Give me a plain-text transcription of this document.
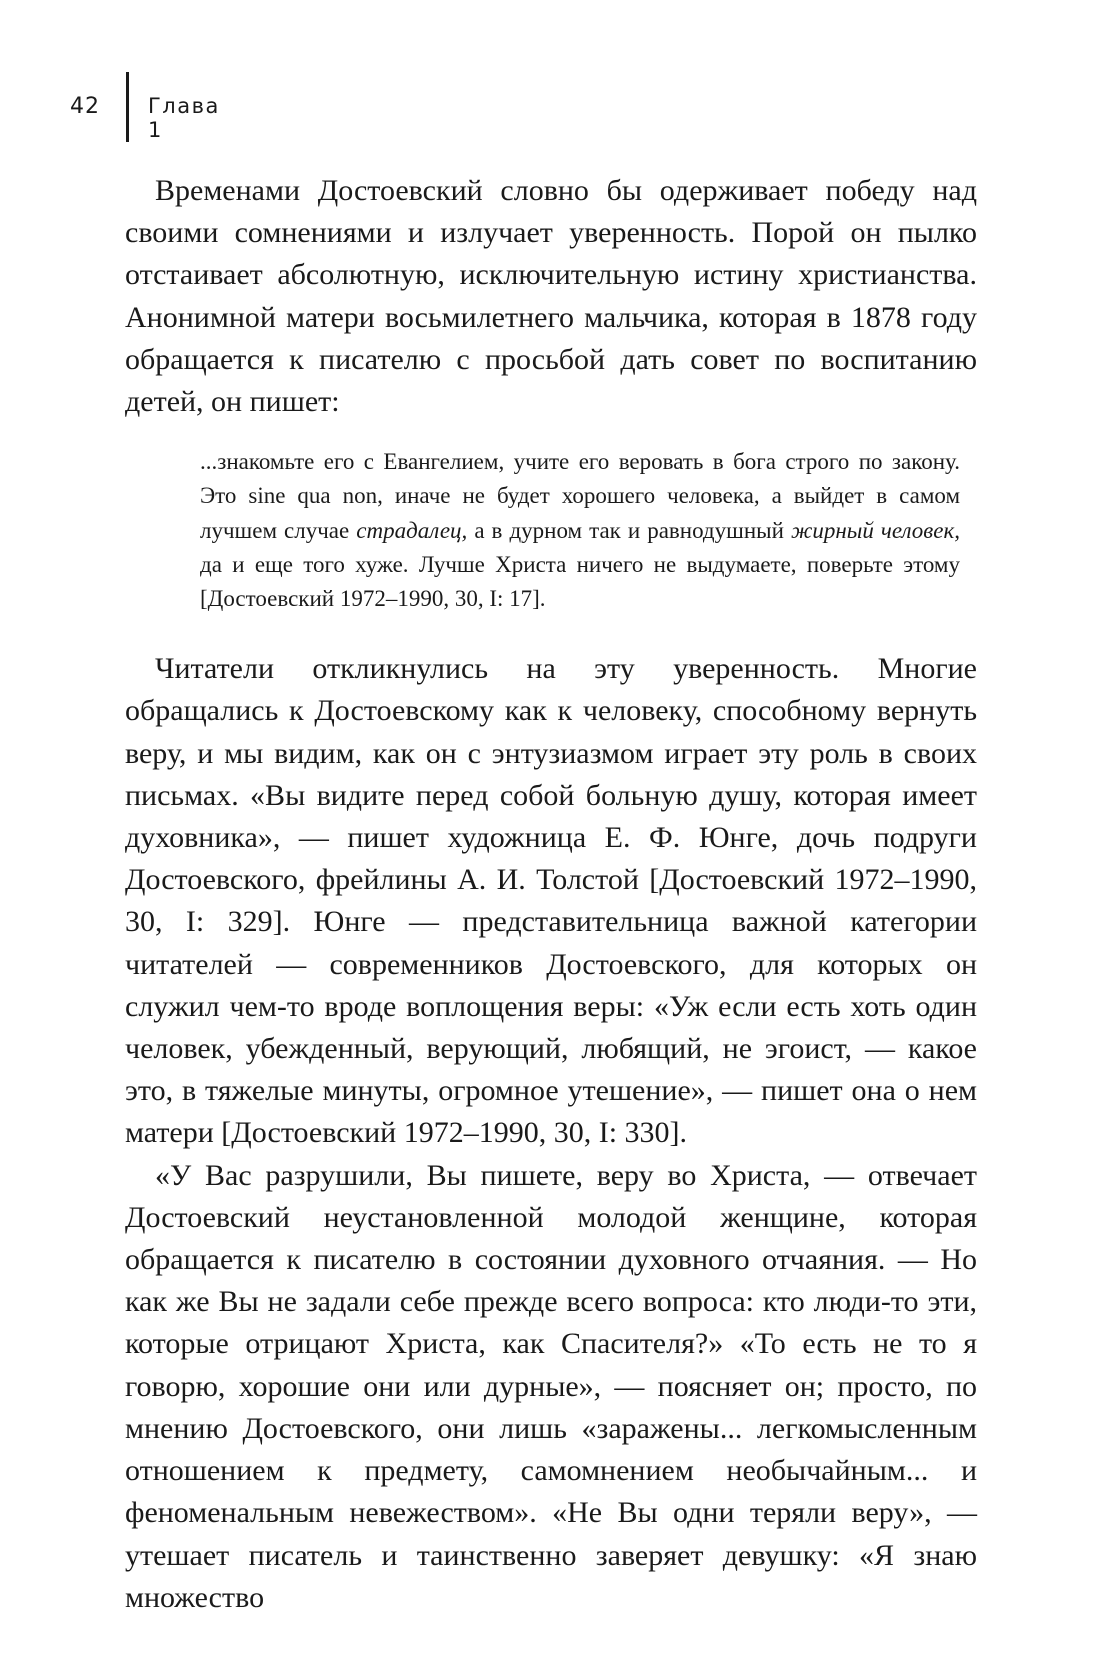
42 Глава 1

Временами Достоевский словно бы одерживает победу над своими сомнениями и излучает уверенность. Порой он пылко отстаивает абсолютную, исключительную истину христианства. Анонимной матери восьмилетнего мальчика, которая в 1878 году обращается к писателю с просьбой дать совет по воспитанию детей, он пишет:

...знакомьте его с Евангелием, учите его веровать в бога строго по закону. Это sine qua non, иначе не будет хорошего человека, а выйдет в самом лучшем случае страдалец, а в дурном так и равнодушный жирный человек, да и еще того хуже. Лучше Христа ничего не выдумаете, поверьте этому [Достоевский 1972–1990, 30, I: 17].

Читатели откликнулись на эту уверенность. Многие обращались к Достоевскому как к человеку, способному вернуть веру, и мы видим, как он с энтузиазмом играет эту роль в своих письмах. «Вы видите перед собой больную душу, которая имеет духовника», — пишет художница Е. Ф. Юнге, дочь подруги Достоевского, фрейлины А. И. Толстой [Достоевский 1972–1990, 30, I: 329]. Юнге — представительница важной категории читателей — современников Достоевского, для которых он служил чем-то вроде воплощения веры: «Уж если есть хоть один человек, убежденный, верующий, любящий, не эгоист, — какое это, в тяжелые минуты, огромное утешение», — пишет она о нем матери [Достоевский 1972–1990, 30, I: 330].

«У Вас разрушили, Вы пишете, веру во Христа, — отвечает Достоевский неустановленной молодой женщине, которая обращается к писателю в состоянии духовного отчаяния. — Но как же Вы не задали себе прежде всего вопроса: кто люди-то эти, которые отрицают Христа, как Спасителя?» «То есть не то я говорю, хорошие они или дурные», — поясняет он; просто, по мнению Достоевского, они лишь «заражены... легкомысленным отношением к предмету, самомнением необычайным... и феноменальным невежеством». «Не Вы одни теряли веру», — утешает писатель и таинственно заверяет девушку: «Я знаю множество
